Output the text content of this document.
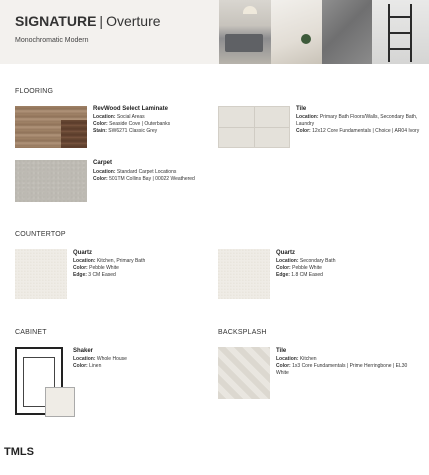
SIGNATURE | Overture
Monochromatic Modern
FLOORING
RevWood Select Laminate
Location: Social Areas
Color: Seaside Cove | Outerbanks
Stain: SW6271 Classic Grey
Tile
Location: Primary Bath Floors/Walls, Secondary Bath, Laundry
Color: 12x12 Core Fundamentals | Choice | AR04 Ivory
Carpet
Location: Standard Carpet Locations
Color: 501TM Collins Bay | 00022 Weathered
COUNTERTOP
Quartz
Location: Kitchen, Primary Bath
Color: Pebble White
Edge: 3 CM Eased
Quartz
Location: Secondary Bath
Color: Pebble White
Edge: 1.8 CM Eased
CABINET
Shaker
Location: Whole House
Color: Linen
BACKSPLASH
Tile
Location: Kitchen
Color: 1x3 Core Fundamentals | Prime Herringbone | EL30 White
TMLS
